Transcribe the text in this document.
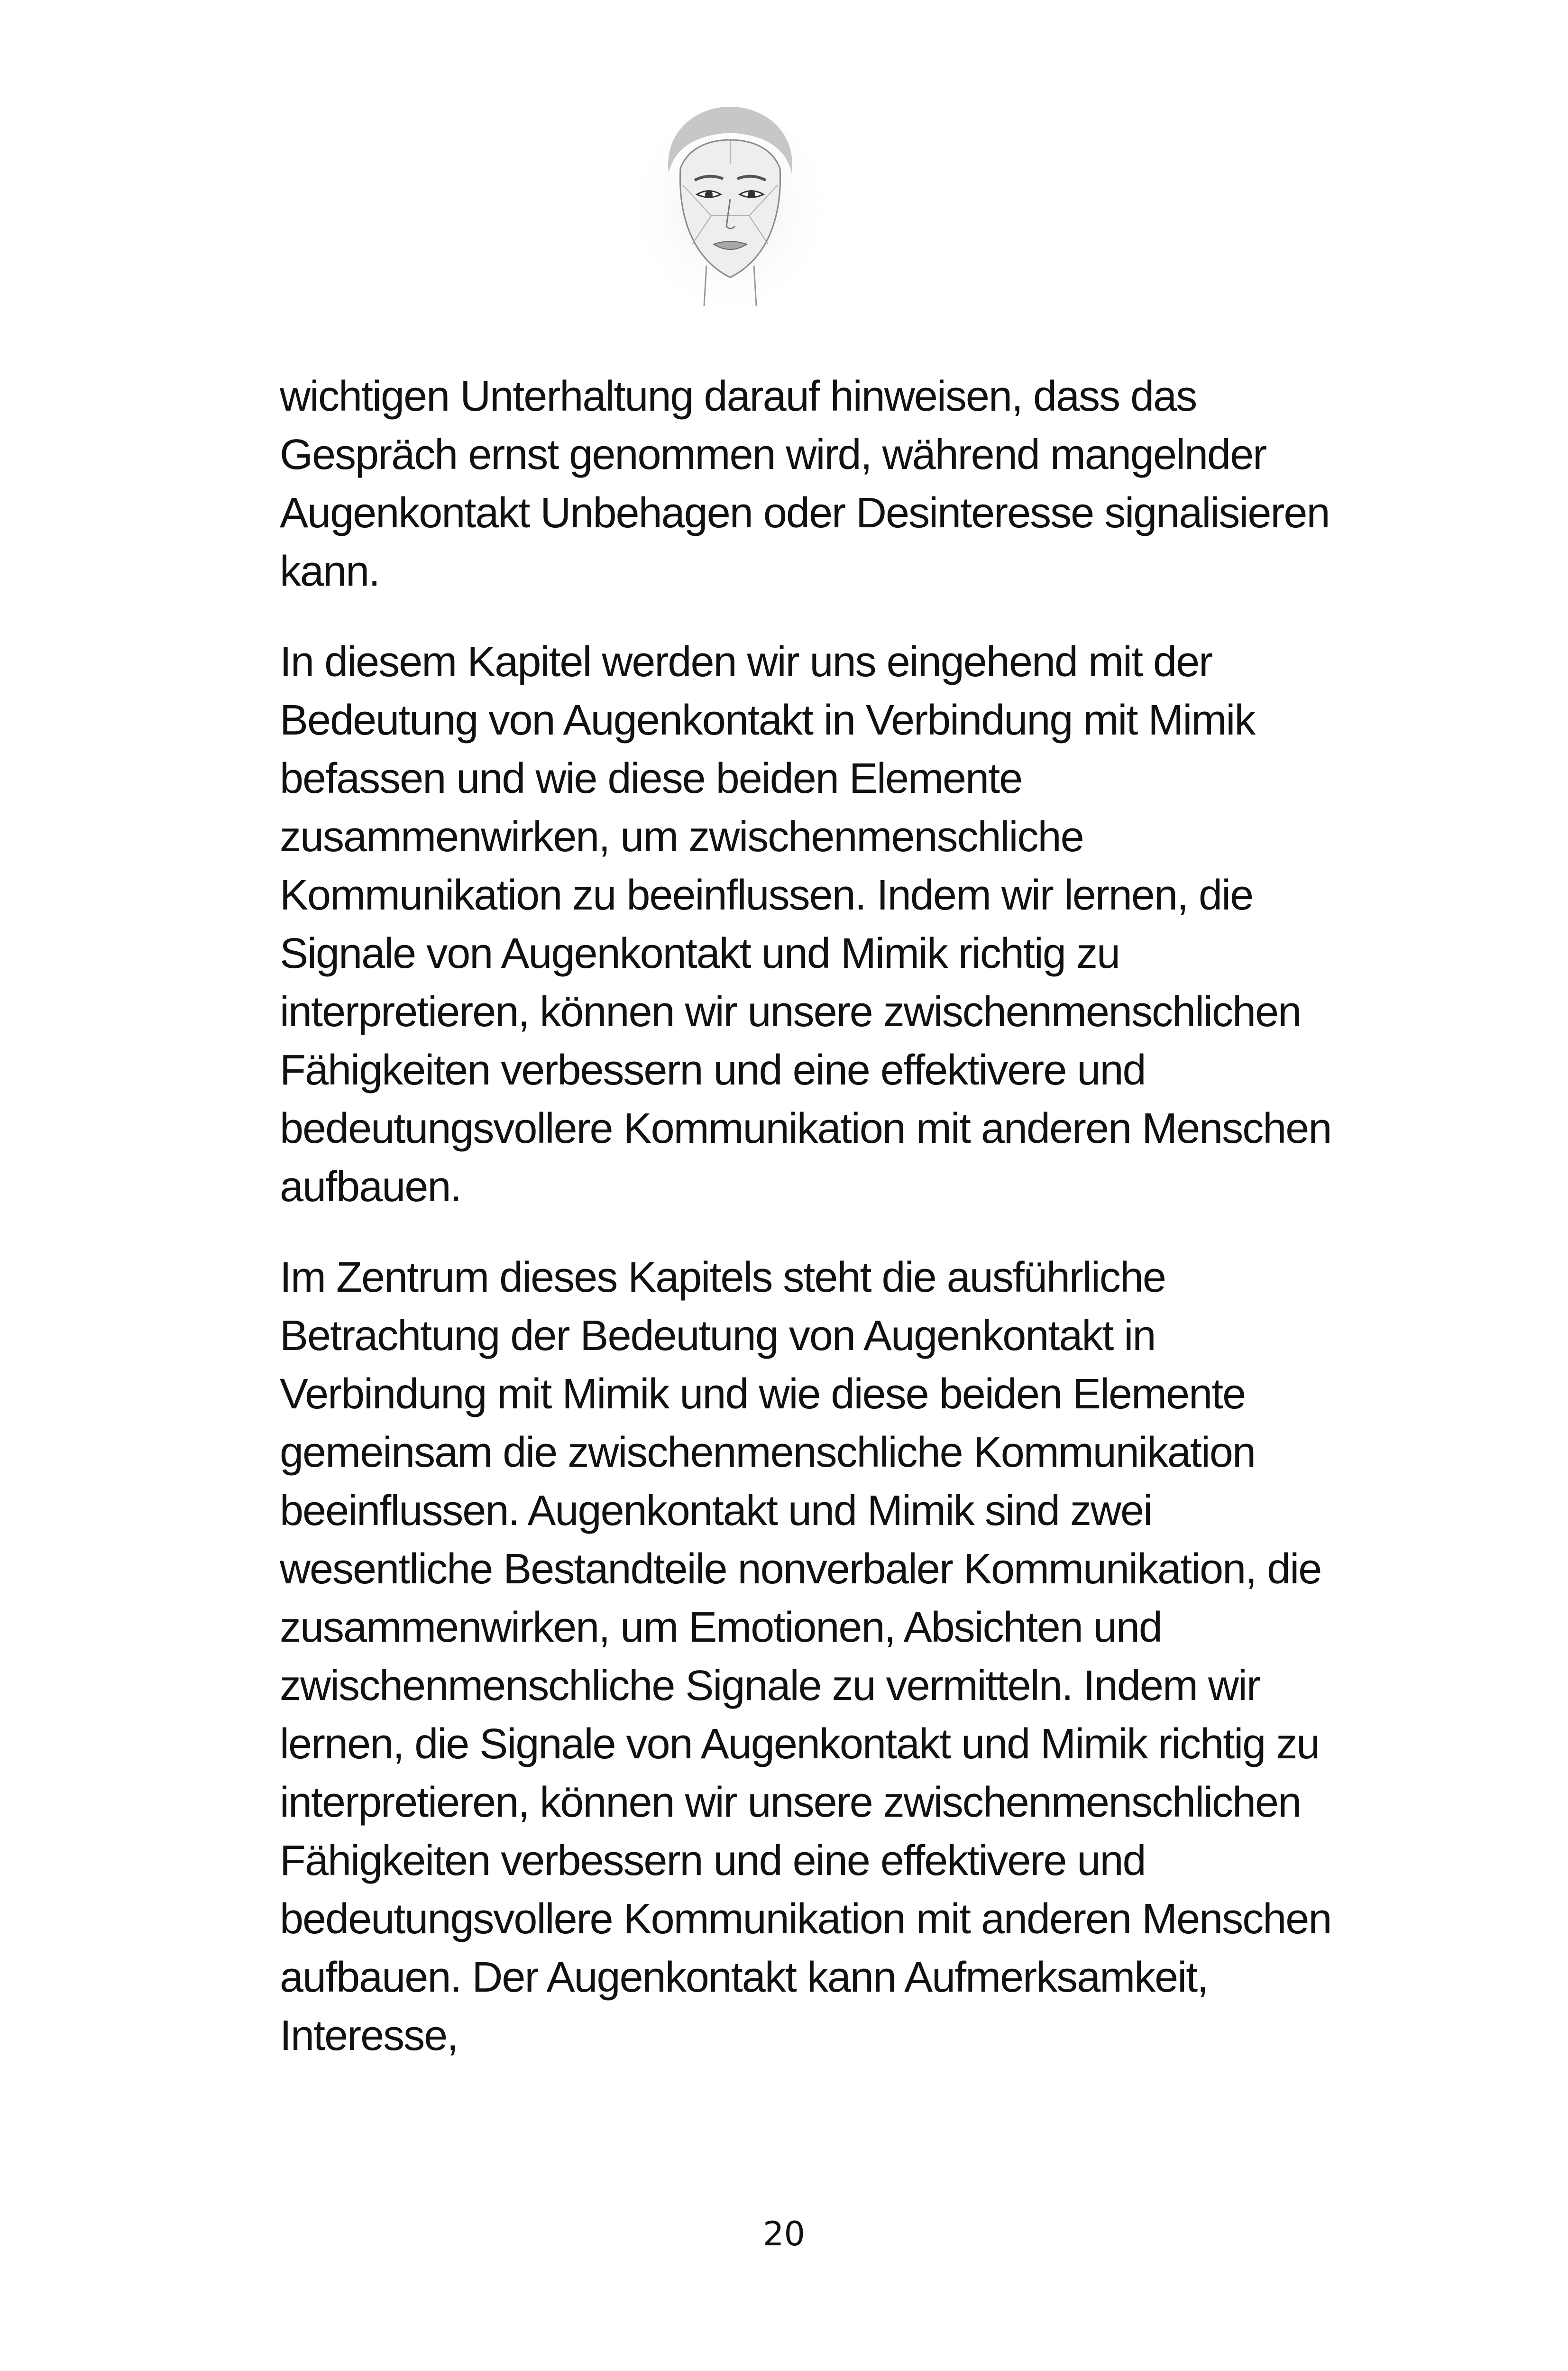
wichtigen Unterhaltung darauf hinweisen, dass das
Gespräch ernst genommen wird, während mangelnder
Augenkontakt Unbehagen oder Desinteresse signalisieren
kann.

In diesem Kapitel werden wir uns eingehend mit der
Bedeutung von Augenkontakt in Verbindung mit Mimik
befassen und wie diese beiden Elemente
zusammenwirken, um zwischenmenschliche
Kommunikation zu beeinflussen. Indem wir lernen, die
Signale von Augenkontakt und Mimik richtig zu
interpretieren, können wir unsere zwischenmenschlichen
Fähigkeiten verbessern und eine effektivere und
bedeutungsvollere Kommunikation mit anderen Menschen
aufbauen.

Im Zentrum dieses Kapitels steht die ausführliche
Betrachtung der Bedeutung von Augenkontakt in
Verbindung mit Mimik und wie diese beiden Elemente
gemeinsam die zwischenmenschliche Kommunikation
beeinflussen. Augenkontakt und Mimik sind zwei
wesentliche Bestandteile nonverbaler Kommunikation, die
zusammenwirken, um Emotionen, Absichten und
zwischenmenschliche Signale zu vermitteln. Indem wir
lernen, die Signale von Augenkontakt und Mimik richtig zu
interpretieren, können wir unsere zwischenmenschlichen
Fähigkeiten verbessern und eine effektivere und
bedeutungsvollere Kommunikation mit anderen Menschen
aufbauen. Der Augenkontakt kann Aufmerksamkeit,
Interesse,

20
